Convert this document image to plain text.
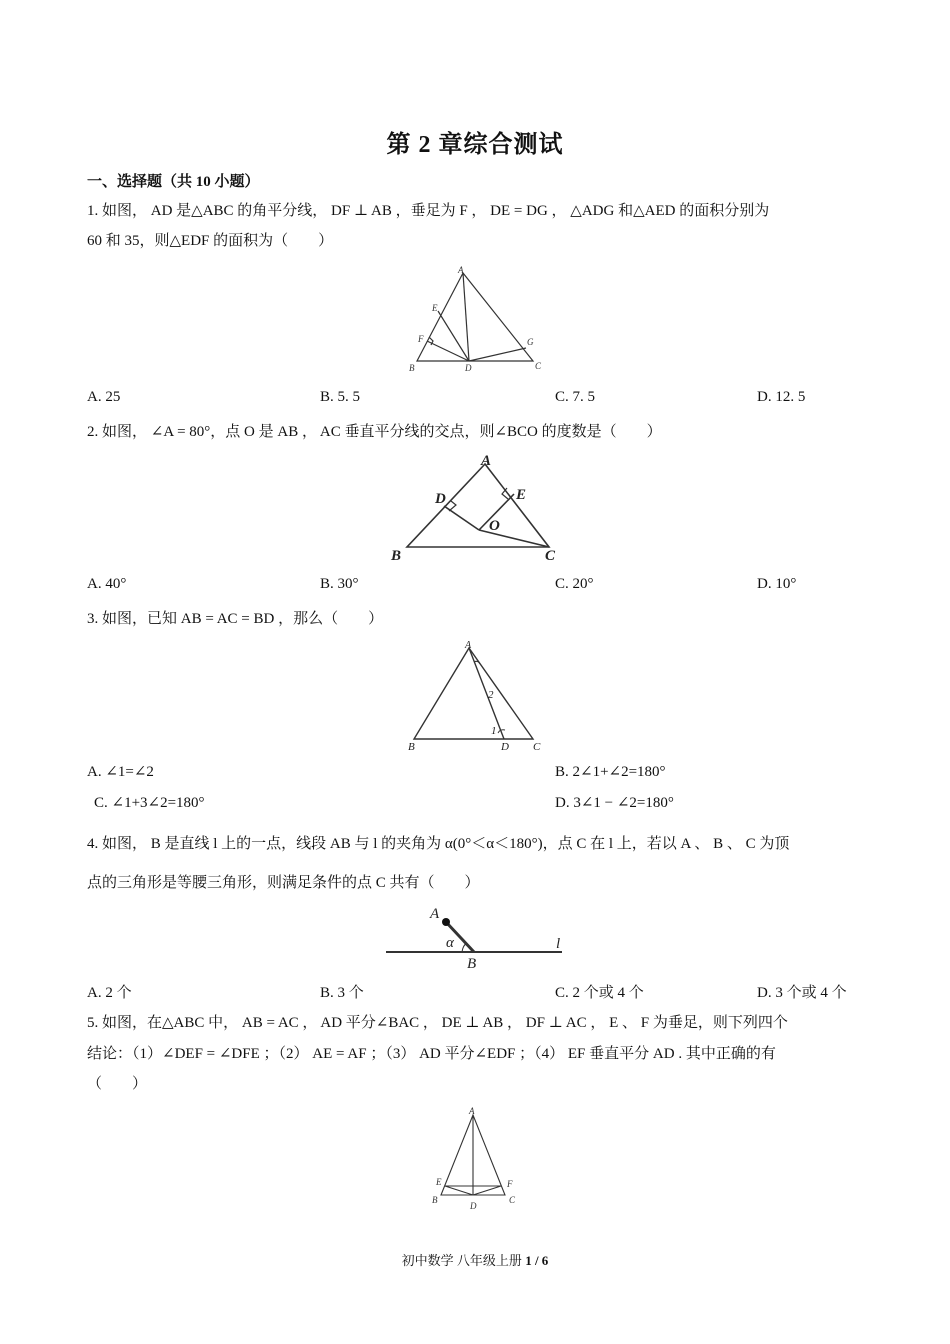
第 2 章综合测试
一、选择题（共 10 小题）
1. 如图， AD 是△ABC 的角平分线， DF ⊥ AB ，垂足为 F ， DE = DG ， △ADG 和△AED 的面积分别为
60 和 35，则△EDF 的面积为（　　）
A
E
F	G
B	D	C
A. 25	B. 5. 5	C. 7. 5	D. 12. 5
2. 如图， ∠A = 80°，点 O 是 AB ， AC 垂直平分线的交点，则∠BCO 的度数是（　　）
A
D	E
O
B	C
A. 40°	B. 30°	C. 20°	D. 10°
3. 如图，已知 AB = AC = BD ，那么（　　）
A
2
1
B	D C
A. ∠1=∠2	B. 2∠1+∠2=180°
C. ∠1+3∠2=180°	D. 3∠1 − ∠2=180°
4. 如图， B 是直线 l 上的一点，线段 AB 与 l 的夹角为 α(0°＜α＜180°)，点 C 在 l 上，若以 A 、 B 、 C 为顶
点的三角形是等腰三角形，则满足条件的点 C 共有（　　）
A
α
B
l
A. 2 个	B. 3 个	C. 2 个或 4 个	D. 3 个或 4 个
5. 如图，在△ABC 中， AB = AC ， AD 平分∠BAC ， DE ⊥ AB ， DF ⊥ AC ， E 、 F 为垂足，则下列四个
结论：（1）∠DEF = ∠DFE ；（2） AE = AF ；（3） AD 平分∠EDF ；（4） EF 垂直平分 AD . 其中正确的有
（　　）
A
E	F
B
D
C
初中数学 八年级上册 1 / 6
